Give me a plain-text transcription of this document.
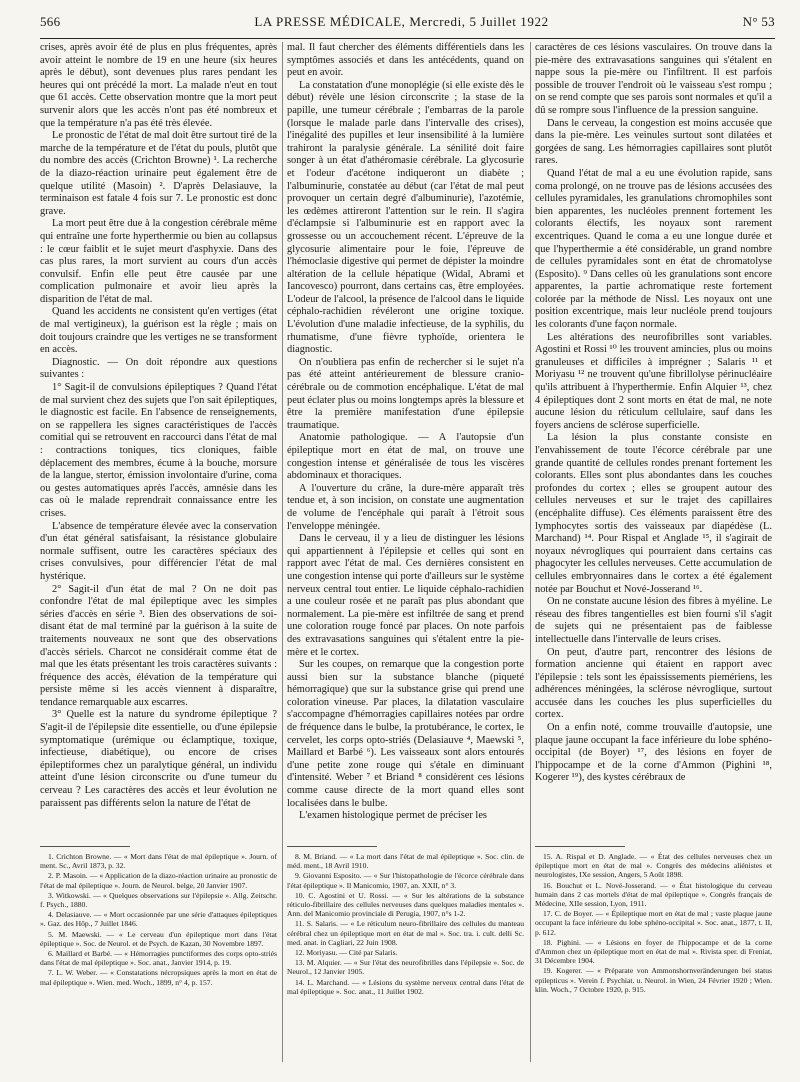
566	LA PRESSE MÉDICALE, Mercredi, 5 Juillet 1922	N° 53

crises, après avoir été de plus en plus fréquentes, après avoir atteint le nombre de 19 en une heure (six heures après le début), sont devenues plus rares pendant les heures qui ont précédé la mort. La malade n'eut en tout que 61 accès. Cette observation montre que la mort peut survenir alors que les accès n'ont pas été nombreux et que la température n'a pas été très élevée.

Le pronostic de l'état de mal doit être surtout tiré de la marche de la température et de l'état du pouls, plutôt que du nombre des accès (Crichton Browne) ¹. La recherche de la diazo-réaction urinaire peut également être de quelque utilité (Masoin) ². D'après Delasiauve, la terminaison est fatale 4 fois sur 7. Le pronostic est donc grave.

La mort peut être due à la congestion cérébrale même qui entraîne une forte hyperthermie ou bien au collapsus : le cœur faiblit et le sujet meurt d'asphyxie. Dans des cas plus rares, la mort survient au cours d'un accès convulsif. Enfin elle peut être causée par une complication pulmonaire et avoir lieu après la disparition de l'état de mal.

Quand les accidents ne consistent qu'en vertiges (état de mal vertigineux), la guérison est la règle ; mais on doit toujours craindre que les vertiges ne se transforment en accès.

Diagnostic. — On doit répondre aux questions suivantes :

1° Sagit-il de convulsions épileptiques ? Quand l'état de mal survient chez des sujets que l'on sait épileptiques, le diagnostic est facile. En l'absence de renseignements, on se rappellera les signes caractéristiques de l'accès comitial qui se retrouvent en raccourci dans l'état de mal : contractions toniques, tics cloniques, faible déplacement des membres, écume à la bouche, morsure de la langue, stertor, émission involontaire d'urine, coma ou gestes automatiques après l'accès, amnésie dans les cas où le malade reprendrait connaissance entre les crises.

L'absence de température élevée avec la conservation d'un état général satisfaisant, la résistance globulaire normale suffisent, outre les caractères spéciaux des crises convulsives, pour différencier l'état de mal hystérique.

2° Sagit-il d'un état de mal ? On ne doit pas confondre l'état de mal épileptique avec les simples séries d'accès en série ³. Bien des observations de soi-disant état de mal terminé par la guérison à la suite de traitements nouveaux ne sont que des observations d'accès sériels. Charcot ne considérait comme état de mal que les états présentant les trois caractères suivants : fréquence des accès, élévation de la température qui persiste même si les accès viennent à disparaître, tendance remarquable aux escarres.

3° Quelle est la nature du syndrome épileptique ? S'agit-il de l'épilepsie dite essentielle, ou d'une épilepsie symptomatique (urémique ou éclamptique, toxique, infectieuse, diabétique), ou encore de crises épileptiformes chez un paralytique général, un individu atteint d'une lésion circonscrite ou d'une tumeur du cerveau ? Les caractères des accès et leur évolution ne paraissent pas différents selon la nature de l'état de

mal. Il faut chercher des éléments différentiels dans les symptômes associés et dans les antécédents, quand on peut en avoir.

La constatation d'une monoplégie (si elle existe dès le début) révèle une lésion circonscrite ; la stase de la papille, une tumeur cérébrale ; l'embarras de la parole (lorsque le malade parle dans l'intervalle des crises), l'inégalité des pupilles et leur insensibilité à la lumière trahiront la paralysie générale. La sénilité doit faire songer à un état d'athéromasie cérébrale. La glycosurie et l'odeur d'acétone indiqueront un diabète ; l'albuminurie, constatée au début (car l'état de mal peut provoquer un certain degré d'albuminurie), l'azotémie, les œdèmes attireront l'attention sur le rein. Il s'agira d'éclampsie si l'albuminurie est en rapport avec la grossesse ou un accouchement récent. L'épreuve de la glycosurie alimentaire pour le foie, l'épreuve de l'hémoclasie digestive qui permet de dépister la moindre altération de la cellule hépatique (Widal, Abrami et Iancovesco) pourront, dans certains cas, être employées. L'odeur de l'alcool, la présence de l'alcool dans le liquide céphalo-rachidien révéleront une origine toxique. L'évolution d'une maladie infectieuse, de la syphilis, du rhumatisme, d'une fièvre typhoïde, orientera le diagnostic.

On n'oubliera pas enfin de rechercher si le sujet n'a pas été atteint antérieurement de blessure cranio-cérébrale ou de commotion encéphalique. L'état de mal peut éclater plus ou moins longtemps après la blessure et être la première manifestation d'une épilepsie traumatique.

Anatomie pathologique. — A l'autopsie d'un épileptique mort en état de mal, on trouve une congestion intense et généralisée de tous les viscères abdominaux et thoraciques.

A l'ouverture du crâne, la dure-mère apparaît très tendue et, à son incision, on constate une augmentation de volume de l'encéphale qui paraît à l'étroit sous l'enveloppe méningée.

Dans le cerveau, il y a lieu de distinguer les lésions qui appartiennent à l'épilepsie et celles qui sont en rapport avec l'état de mal. Ces dernières consistent en une congestion intense qui porte d'ailleurs sur le système nerveux central tout entier. Le liquide céphalo-rachidien a une couleur rosée et ne paraît pas plus abondant que normalement. La pie-mère est infiltrée de sang et prend une coloration rouge foncé par places. On note parfois des extravasations sanguines qui s'étalent entre la pie-mère et le cortex.

Sur les coupes, on remarque que la congestion porte aussi bien sur la substance blanche (piqueté hémorragique) que sur la substance grise qui prend une coloration vineuse. Par places, la dilatation vasculaire s'accompagne d'hémorragies capillaires notées par ordre de fréquence dans le bulbe, la protubérance, le cortex, le cervelet, les corps opto-striés (Delasiauve ⁴, Maewski ⁵, Maillard et Barbé ⁶). Les vaisseaux sont alors entourés d'une petite zone rouge qui s'étale en diminuant d'intensité. Weber ⁷ et Briand ⁸ considèrent ces lésions comme cause directe de la mort quand elles sont localisées dans le bulbe.

L'examen histologique permet de préciser les

caractères de ces lésions vasculaires. On trouve dans la pie-mère des extravasations sanguines qui s'étalent en nappe sous la pie-mère ou l'infiltrent. Il est parfois possible de trouver l'endroit où le vaisseau s'est rompu ; on se rend compte que ses parois sont normales et qu'il a dû se rompre sous l'influence de la pression sanguine.

Dans le cerveau, la congestion est moins accusée que dans la pie-mère. Les veinules surtout sont dilatées et gorgées de sang. Les hémorragies capillaires sont plutôt rares.

Quand l'état de mal a eu une évolution rapide, sans coma prolongé, on ne trouve pas de lésions accusées des cellules pyramidales, les granulations chromophiles sont bien apparentes, les nucléoles prennent fortement les colorants électifs, les noyaux sont rarement excentriques. Quand le coma a eu une longue durée et que l'hyperthermie a été considérable, un grand nombre de cellules pyramidales sont en état de chromatolyse (Esposito). ⁹ Dans celles où les granulations sont encore apparentes, la partie achromatique reste fortement colorée par la méthode de Nissl. Les noyaux ont une position excentrique, mais leur nucléole prend toujours les colorants d'une façon normale.

Les altérations des neurofibrilles sont variables. Agostini et Rossi ¹⁰ les trouvent amincies, plus ou moins granuleuses et difficiles à imprégner ; Salaris ¹¹ et Moriyasu ¹² ne trouvent qu'une fibrillolyse périnucléaire qu'ils attribuent à l'hyperthermie. Enfin Alquier ¹³, chez 4 épileptiques dont 2 sont morts en état de mal, ne note aucune lésion du réticulum cellulaire, sauf dans les foyers anciens de sclérose superficielle.

La lésion la plus constante consiste en l'envahissement de toute l'écorce cérébrale par une grande quantité de cellules rondes prenant fortement les colorants. Elles sont plus abondantes dans les couches profondes du cortex ; elles se groupent autour des cellules nerveuses et sur le trajet des capillaires (encéphalite diffuse). Ces éléments paraissent être des lymphocytes sortis des vaisseaux par diapédèse (L. Marchand) ¹⁴. Pour Rispal et Anglade ¹⁵, il s'agirait de noyaux névrogliques qui pourraient dans certains cas phagocyter les cellules nerveuses. Cette accumulation de cellules embryonnaires dans le cortex a été également notée par Bouchut et Nové-Josserand ¹⁶.

On ne constate aucune lésion des fibres à myéline. Le réseau des fibres tangentielles est bien fourni s'il s'agit de sujets qui ne présentaient pas de faiblesse intellectuelle dans l'intervalle de leurs crises.

On peut, d'autre part, rencontrer des lésions de formation ancienne qui étaient en rapport avec l'épilepsie : tels sont les épaississements piemériens, les adhérences méningées, la sclérose névroglique, surtout accusée dans les couches les plus superficielles du cortex.

On a enfin noté, comme trouvaille d'autopsie, une plaque jaune occupant la face inférieure du lobe sphéno-occipital (de Boyer) ¹⁷, des lésions en foyer de l'hippocampe et de la corne d'Ammon (Pighini ¹⁸, Kogerer ¹⁹), des kystes cérébraux de

1. Crichton Browne. — « Mort dans l'état de mal épileptique ». Journ. of ment. Sc., Avril 1873, p. 32.

2. P. Masoin. — « Application de la diazo-réaction urinaire au pronostic de l'état de mal épileptique ». Journ. de Neurol. belge, 20 Janvier 1907.

3. Witkowski. — « Quelques observations sur l'épilepsie ». Allg. Zeitschr. f. Psych., 1880.

4. Delasiauve. — « Mort occasionnée par une série d'attaques épileptiques ». Gaz. des Hôp., 7 Juillet 1846.

5. M. Maewski. — « Le cerveau d'un épileptique mort dans l'état épileptique ». Soc. de Neurol. et de Psych. de Kazan, 30 Novembre 1897.

6. Maillard et Barbé. — « Hémorragies punctiformes des corps opto-striés dans l'état de mal épileptique ». Soc. anat., Janvier 1914, p. 19.

7. L. W. Weber. — « Constatations nécropsiques après la mort en état de mal épileptique ». Wien. med. Woch., 1899, n° 4, p. 157.

8. M. Briand. — « La mort dans l'état de mal épileptique ». Soc. clin. de méd. ment., 18 Avril 1910.

9. Giovanni Esposito. — « Sur l'histopathologie de l'écorce cérébrale dans l'état épileptique ». Il Manicomio, 1907, an. XXII, n° 3.

10. C. Agostini et U. Rossi. — « Sur les altérations de la substance réticulo-fibrillaire des cellules nerveuses dans quelques maladies mentales ». Ann. del Manicomio provinciale di Perugia, 1907, n°s 1-2.

11. S. Salaris. — « Le réticulum neuro-fibrillaire des cellules du manteau cérébral chez un épileptique mort en état de mal ». Soc. tra. i. cult. delli Sc. med. anat. in Cagliari, 22 Juin 1908.

12. Moriyasu. — Cité par Salaris.

13. M. Alquier. — « Sur l'état des neurofibrilles dans l'épilepsie ». Soc. de Neurol., 12 Janvier 1905.

14. L. Marchand. — « Lésions du système nerveux central dans l'état de mal épileptique ». Soc. anat., 11 Juillet 1902.

15. A. Rispal et D. Anglade. — « État des cellules nerveuses chez un épileptique mort en état de mal ». Congrès des médecins aliénistes et neurologistes, IXe session, Angers, 5 Août 1898.

16. Bouchut et L. Nové-Josserand. — « État histologique du cerveau humain dans 2 cas mortels d'état de mal épileptique ». Congrès français de Médecine, XIIe session, Lyon, 1911.

17. C. de Boyer. — « Épileptique mort en état de mal ; vaste plaque jaune occupant la face inférieure du lobe sphéno-occipital ». Soc. anat., 1877, t. II, p. 612.

18. Pighini. — « Lésions en foyer de l'hippocampe et de la corne d'Ammon chez un épileptique mort en état de mal ». Rivista sper. di Freniat, 31 Décembre 1904.

19. Kogerer. — « Préparate von Ammonshornveränderungen bei status epilepticus ». Verein f. Psychiat. u. Neurol. in Wien, 24 Février 1920 ; Wien. klin. Woch., 7 Octobre 1920, p. 915.
